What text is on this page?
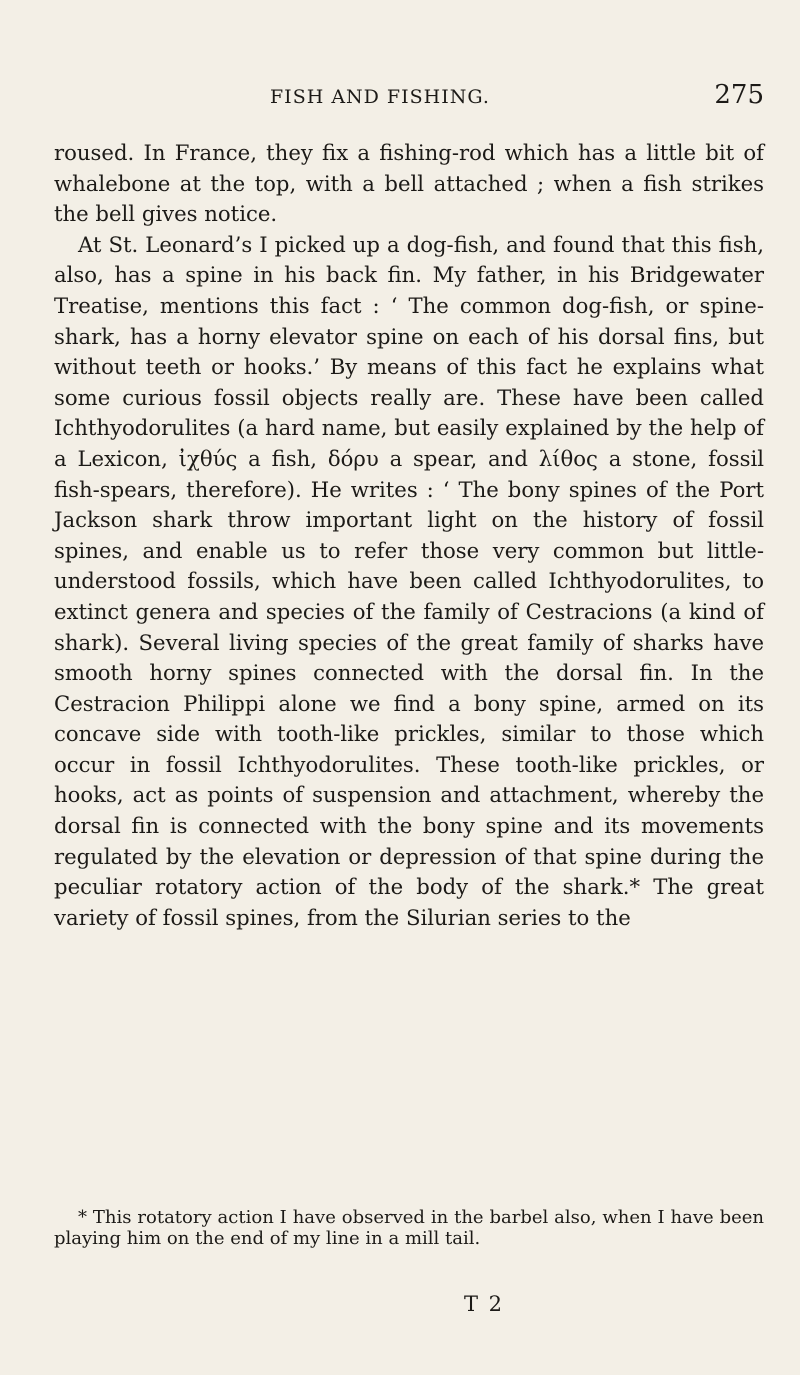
FISH AND FISHING.	275

roused. In France, they fix a fishing-rod which has a little bit of whalebone at the top, with a bell attached ; when a fish strikes the bell gives notice.

At St. Leonard’s I picked up a dog-fish, and found that this fish, also, has a spine in his back fin. My father, in his Bridgewater Treatise, mentions this fact : ‘ The common dog-fish, or spine-shark, has a horny elevator spine on each of his dorsal fins, but without teeth or hooks.’ By means of this fact he explains what some curious fossil objects really are. These have been called Ichthyodorulites (a hard name, but easily explained by the help of a Lexicon, ἰχθύς a fish, δόρυ a spear, and λίθος a stone, fossil fish-spears, therefore). He writes : ‘ The bony spines of the Port Jackson shark throw important light on the history of fossil spines, and enable us to refer those very common but little-understood fossils, which have been called Ichthyodorulites, to extinct genera and species of the family of Cestracions (a kind of shark). Several living species of the great family of sharks have smooth horny spines connected with the dorsal fin. In the Cestracion Philippi alone we find a bony spine, armed on its concave side with tooth-like prickles, similar to those which occur in fossil Ichthyodorulites. These tooth-like prickles, or hooks, act as points of suspension and attachment, whereby the dorsal fin is connected with the bony spine and its movements regulated by the elevation or depression of that spine during the peculiar rotatory action of the body of the shark.* The great variety of fossil spines, from the Silurian series to the

* This rotatory action I have observed in the barbel also, when I have been playing him on the end of my line in a mill tail.
T 2
